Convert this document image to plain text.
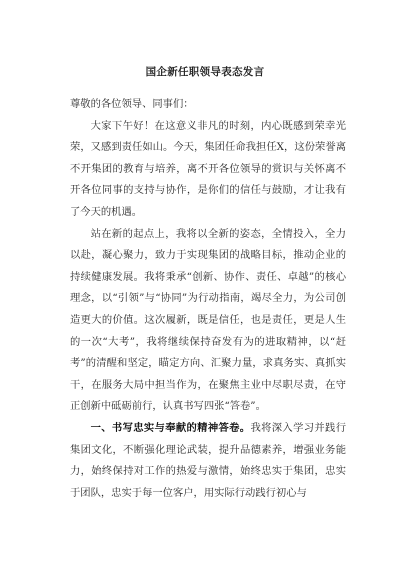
国企新任职领导表态发言

尊敬的各位领导、同事们：

大家下午好！在这意义非凡的时刻，内心既感到荣幸光荣，又感到责任如山。今天，集团任命我担任X，这份荣誉离不开集团的教育与培养，离不开各位领导的赏识与关怀离不开各位同事的支持与协作，是你们的信任与鼓励，才让我有了今天的机遇。

站在新的起点上，我将以全新的姿态，全情投入，全力以赴，凝心聚力，致力于实现集团的战略目标，推动企业的持续健康发展。我将秉承“创新、协作、责任、卓越”的核心理念，以“引领”与“协同”为行动指南，竭尽全力，为公司创造更大的价值。这次履新，既是信任，也是责任，更是人生的一次“大考”，我将继续保持奋发有为的进取精神，以“赶考”的清醒和坚定，瞄定方向、汇聚力量，求真务实、真抓实干，在服务大局中担当作为，在聚焦主业中尽职尽责，在守正创新中砥砺前行，认真书写四张“答卷”。

一、书写忠实与奉献的精神答卷。我将深入学习并践行集团文化，不断强化理论武装，提升品德素养，增强业务能力，始终保持对工作的热爱与激情，始终忠实于集团，忠实于团队，忠实于每一位客户，用实际行动践行初心与
